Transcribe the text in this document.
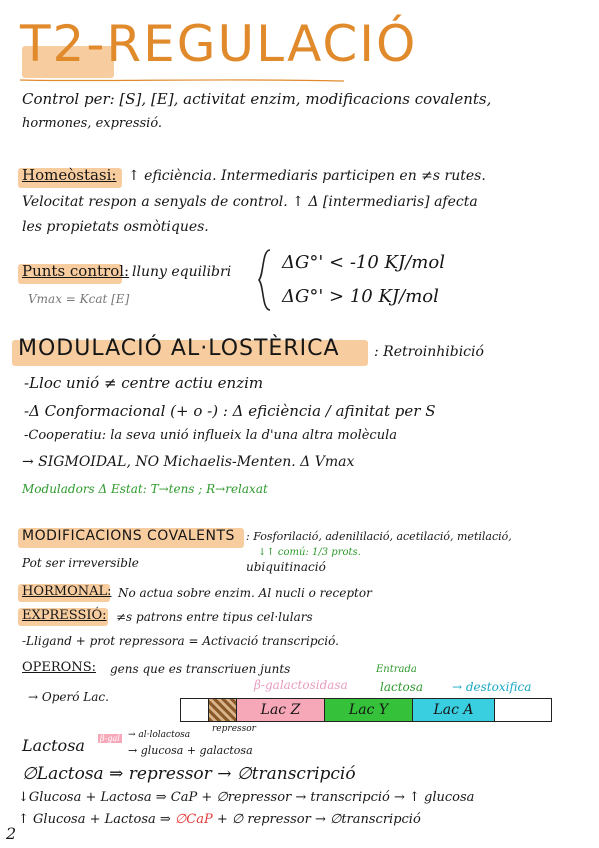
T2-REGULACIÓ
Control per: [S], [E], activitat enzim, modificacions covalents,
hormones, expressió.
Homeòstasi: ↑ eficiència. Intermediaris participen en ≠s rutes.
Velocitat respon a senyals de control. ↑ Δ [intermediaris] afecta
les propietats osmòtiques.
Punts control: lluny equilibri
Vmax = Kcat [E]
ΔG°' < -10 KJ/mol
ΔG°' > 10 KJ/mol
MODULACIÓ AL·LOSTÈRICA : Retroinhibició
-Lloc unió ≠ centre actiu enzim
-Δ Conformacional (+ o -) : Δ eficiència / afinitat per S
-Cooperatiu: la seva unió influeix la d'una altra molècula
→ SIGMOIDAL, NO Michaelis-Menten. Δ Vmax
Moduladors Δ Estat: T→tens ; R→relaxat
MODIFICACIONS COVALENTS : Fosforilació, adenililació, acetilació, metilació,
↓↑ comú: 1/3 prots.
Pot ser irreversible	ubiquitinació
HORMONAL: No actua sobre enzim. Al nucli o receptor
EXPRESSIÓ: ≠s patrons entre tipus cel·lulars
-Lligand + prot repressora = Activació transcripció.
OPERONS: gens que es transcriuen junts
→ Operó Lac.
β-galactosidasa
Entrada
lactosa → destoxifica
repressor
Lac Z	Lac Y	Lac A
Lactosa β-gal → al·lolactosa
→ glucosa + galactosa
∅Lactosa ⇒ repressor → ∅transcripció
↓Glucosa + Lactosa ⇒ CaP + ∅repressor → transcripció → ↑ glucosa
↑ Glucosa + Lactosa ⇒ ∅CaP + ∅ repressor → ∅transcripció
2
